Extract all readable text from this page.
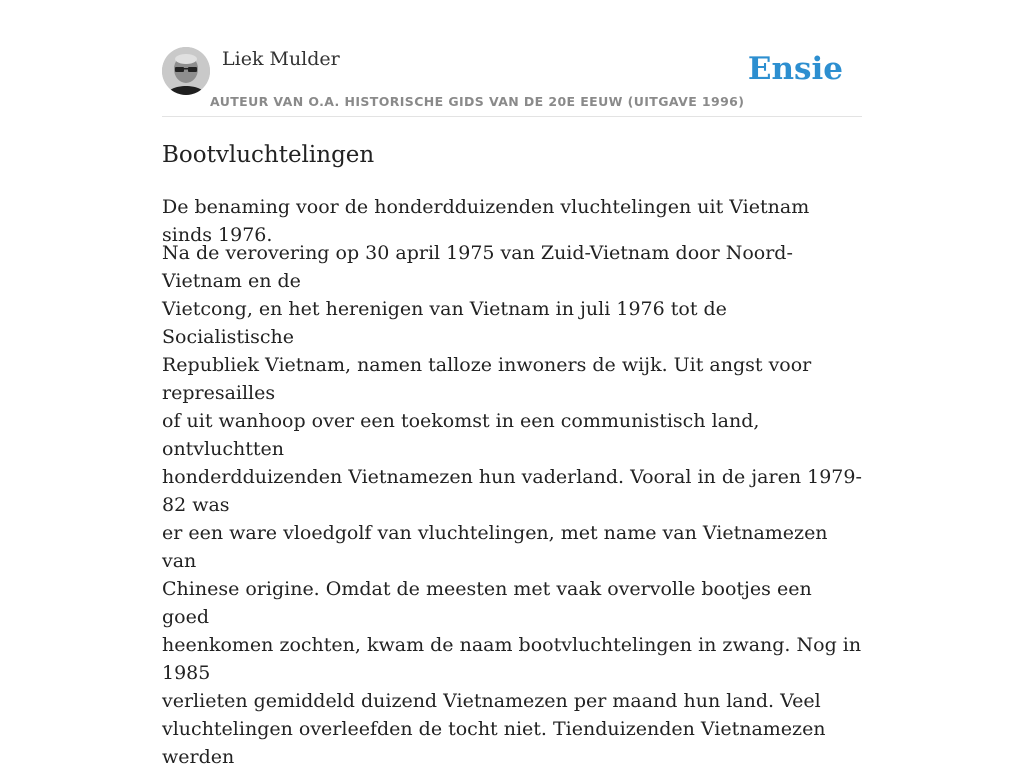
Liek Mulder
AUTEUR VAN O.A. HISTORISCHE GIDS VAN DE 20E EEUW (UITGAVE 1996)
Ensie
Bootvluchtelingen

De benaming voor de honderdduizenden vluchtelingen uit Vietnam sinds 1976.

Na de verovering op 30 april 1975 van Zuid-Vietnam door Noord-Vietnam en de
Vietcong, en het herenigen van Vietnam in juli 1976 tot de Socialistische
Republiek Vietnam, namen talloze inwoners de wijk. Uit angst voor represailles
of uit wanhoop over een toekomst in een communistisch land, ontvluchtten
honderdduizenden Vietnamezen hun vaderland. Vooral in de jaren 1979-82 was
er een ware vloedgolf van vluchtelingen, met name van Vietnamezen van
Chinese origine. Omdat de meesten met vaak overvolle bootjes een goed
heenkomen zochten, kwam de naam bootvluchtelingen in zwang. Nog in 1985
verlieten gemiddeld duizend Vietnamezen per maand hun land. Veel
vluchtelingen overleefden de tocht niet. Tienduizenden Vietnamezen werden
